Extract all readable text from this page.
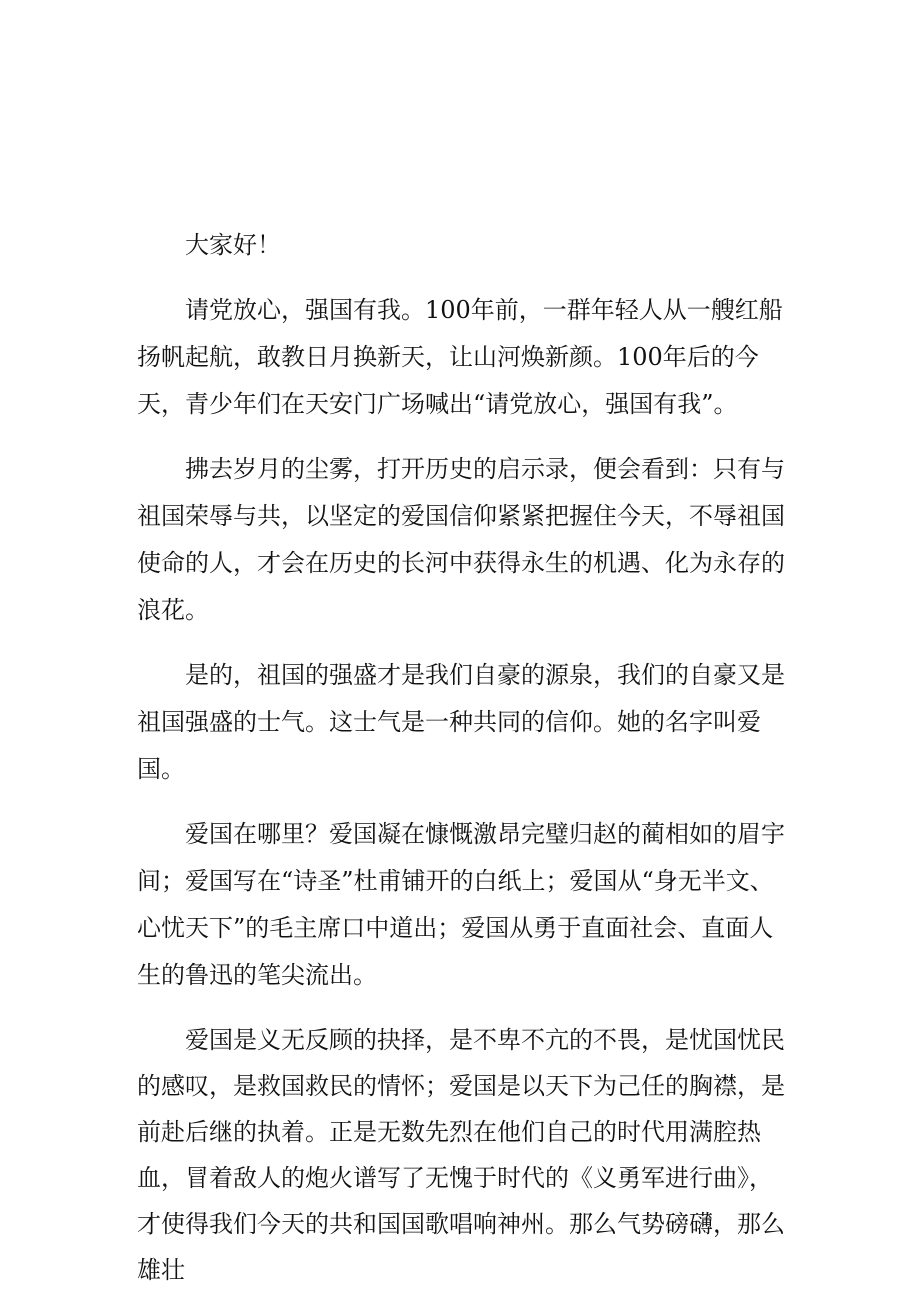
大家好！

请党放心，强国有我。100年前，一群年轻人从一艘红船扬帆起航，敢教日月换新天，让山河焕新颜。100年后的今天，青少年们在天安门广场喊出“请党放心，强国有我”。

拂去岁月的尘雾，打开历史的启示录，便会看到：只有与祖国荣辱与共，以坚定的爱国信仰紧紧把握住今天，不辱祖国使命的人，才会在历史的长河中获得永生的机遇、化为永存的浪花。

是的，祖国的强盛才是我们自豪的源泉，我们的自豪又是祖国强盛的士气。这士气是一种共同的信仰。她的名字叫爱国。

爱国在哪里？爱国凝在慷慨激昂完璧归赵的蔺相如的眉宇间；爱国写在“诗圣”杜甫铺开的白纸上；爱国从“身无半文、心忧天下”的毛主席口中道出；爱国从勇于直面社会、直面人生的鲁迅的笔尖流出。

爱国是义无反顾的抉择，是不卑不亢的不畏，是忧国忧民的感叹，是救国救民的情怀；爱国是以天下为己任的胸襟，是前赴后继的执着。正是无数先烈在他们自己的时代用满腔热血，冒着敌人的炮火谱写了无愧于时代的《义勇军进行曲》，才使得我们今天的共和国国歌唱响神州。那么气势磅礴，那么雄壮
